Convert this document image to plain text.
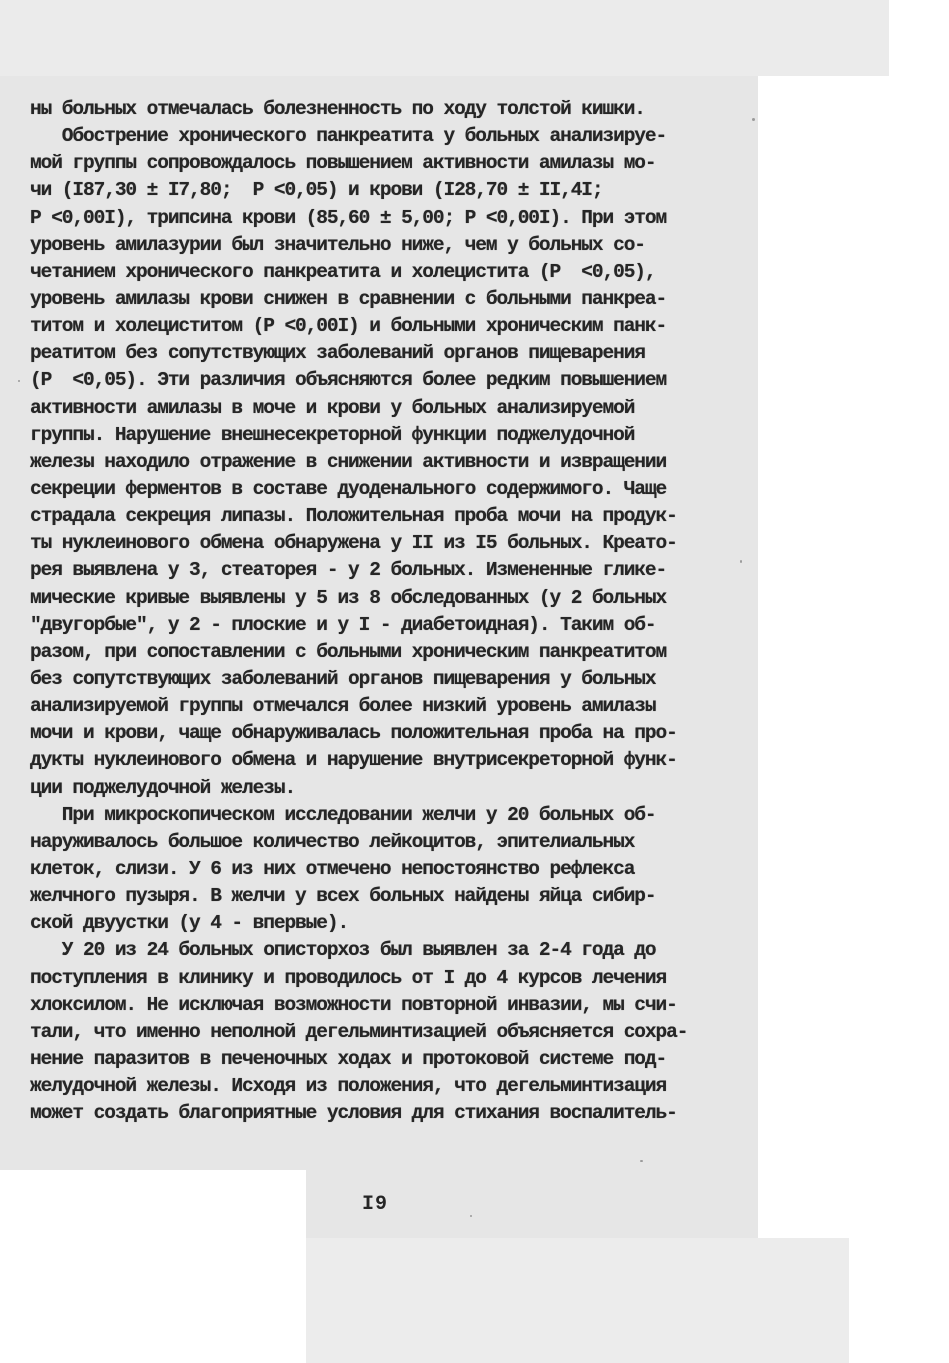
ны больных отмечалась болезненность по ходу толстой кишки.
Обострение хронического панкреатита у больных анализируе-
мой группы сопровождалось повышением активности амилазы мо-
чи (I87,30 ± I7,80;  Р <0,05) и крови (I28,70 ± II,4I;
Р <0,00I), трипсина крови (85,60 ± 5,00; Р <0,00I). При этом
уровень амилазурии был значительно ниже, чем у больных со-
четанием хронического панкреатита и холецистита (Р  <0,05),
уровень амилазы крови снижен в сравнении с больными панкреа-
титом и холециститом (Р <0,00I) и больными хроническим панк-
реатитом без сопутствующих заболеваний органов пищеварения
(Р  <0,05). Эти различия объясняются более редким повышением
активности амилазы в моче и крови у больных анализируемой
группы. Нарушение внешнесекреторной функции поджелудочной
железы находило отражение в снижении активности и извращении
секреции ферментов в составе дуоденального содержимого. Чаще
страдала секреция липазы. Положительная проба мочи на продук-
ты нуклеинового обмена обнаружена у II из I5 больных. Креато-
рея выявлена у 3, стеаторея - у 2 больных. Измененные гликe-
мические кривые выявлены у 5 из 8 обследованных (у 2 больных
"двугорбые", у 2 - плоские и у I - диабетоидная). Таким об-
разом, при сопоставлении с больными хроническим панкреатитом
без сопутствующих заболеваний органов пищеварения у больных
анализируемой группы отмечался более низкий уровень амилазы
мочи и крови, чаще обнаруживалась положительная проба на про-
дукты нуклеинового обмена и нарушение внутрисекреторной функ-
ции поджелудочной железы.
При микроскопическом исследовании желчи у 20 больных об-
наруживалось большое количество лейкоцитов, эпителиальных
клеток, слизи. У 6 из них отмечено непостоянство рефлекса
желчного пузыря. В желчи у всех больных найдены яйца сибир-
ской двуустки (у 4 - впервые).
У 20 из 24 больных описторхоз был выявлен за 2-4 года до
поступления в клинику и проводилось от I до 4 курсов лечения
хлоксилом. Не исключая возможности повторной инвазии, мы счи-
тали, что именно неполной дегельминтизацией объясняется сохра-
нение паразитов в печеночных ходах и протоковой системе под-
желудочной железы. Исходя из положения, что дегельминтизация
может создать благоприятные условия для стихания воспалитель-
I9
